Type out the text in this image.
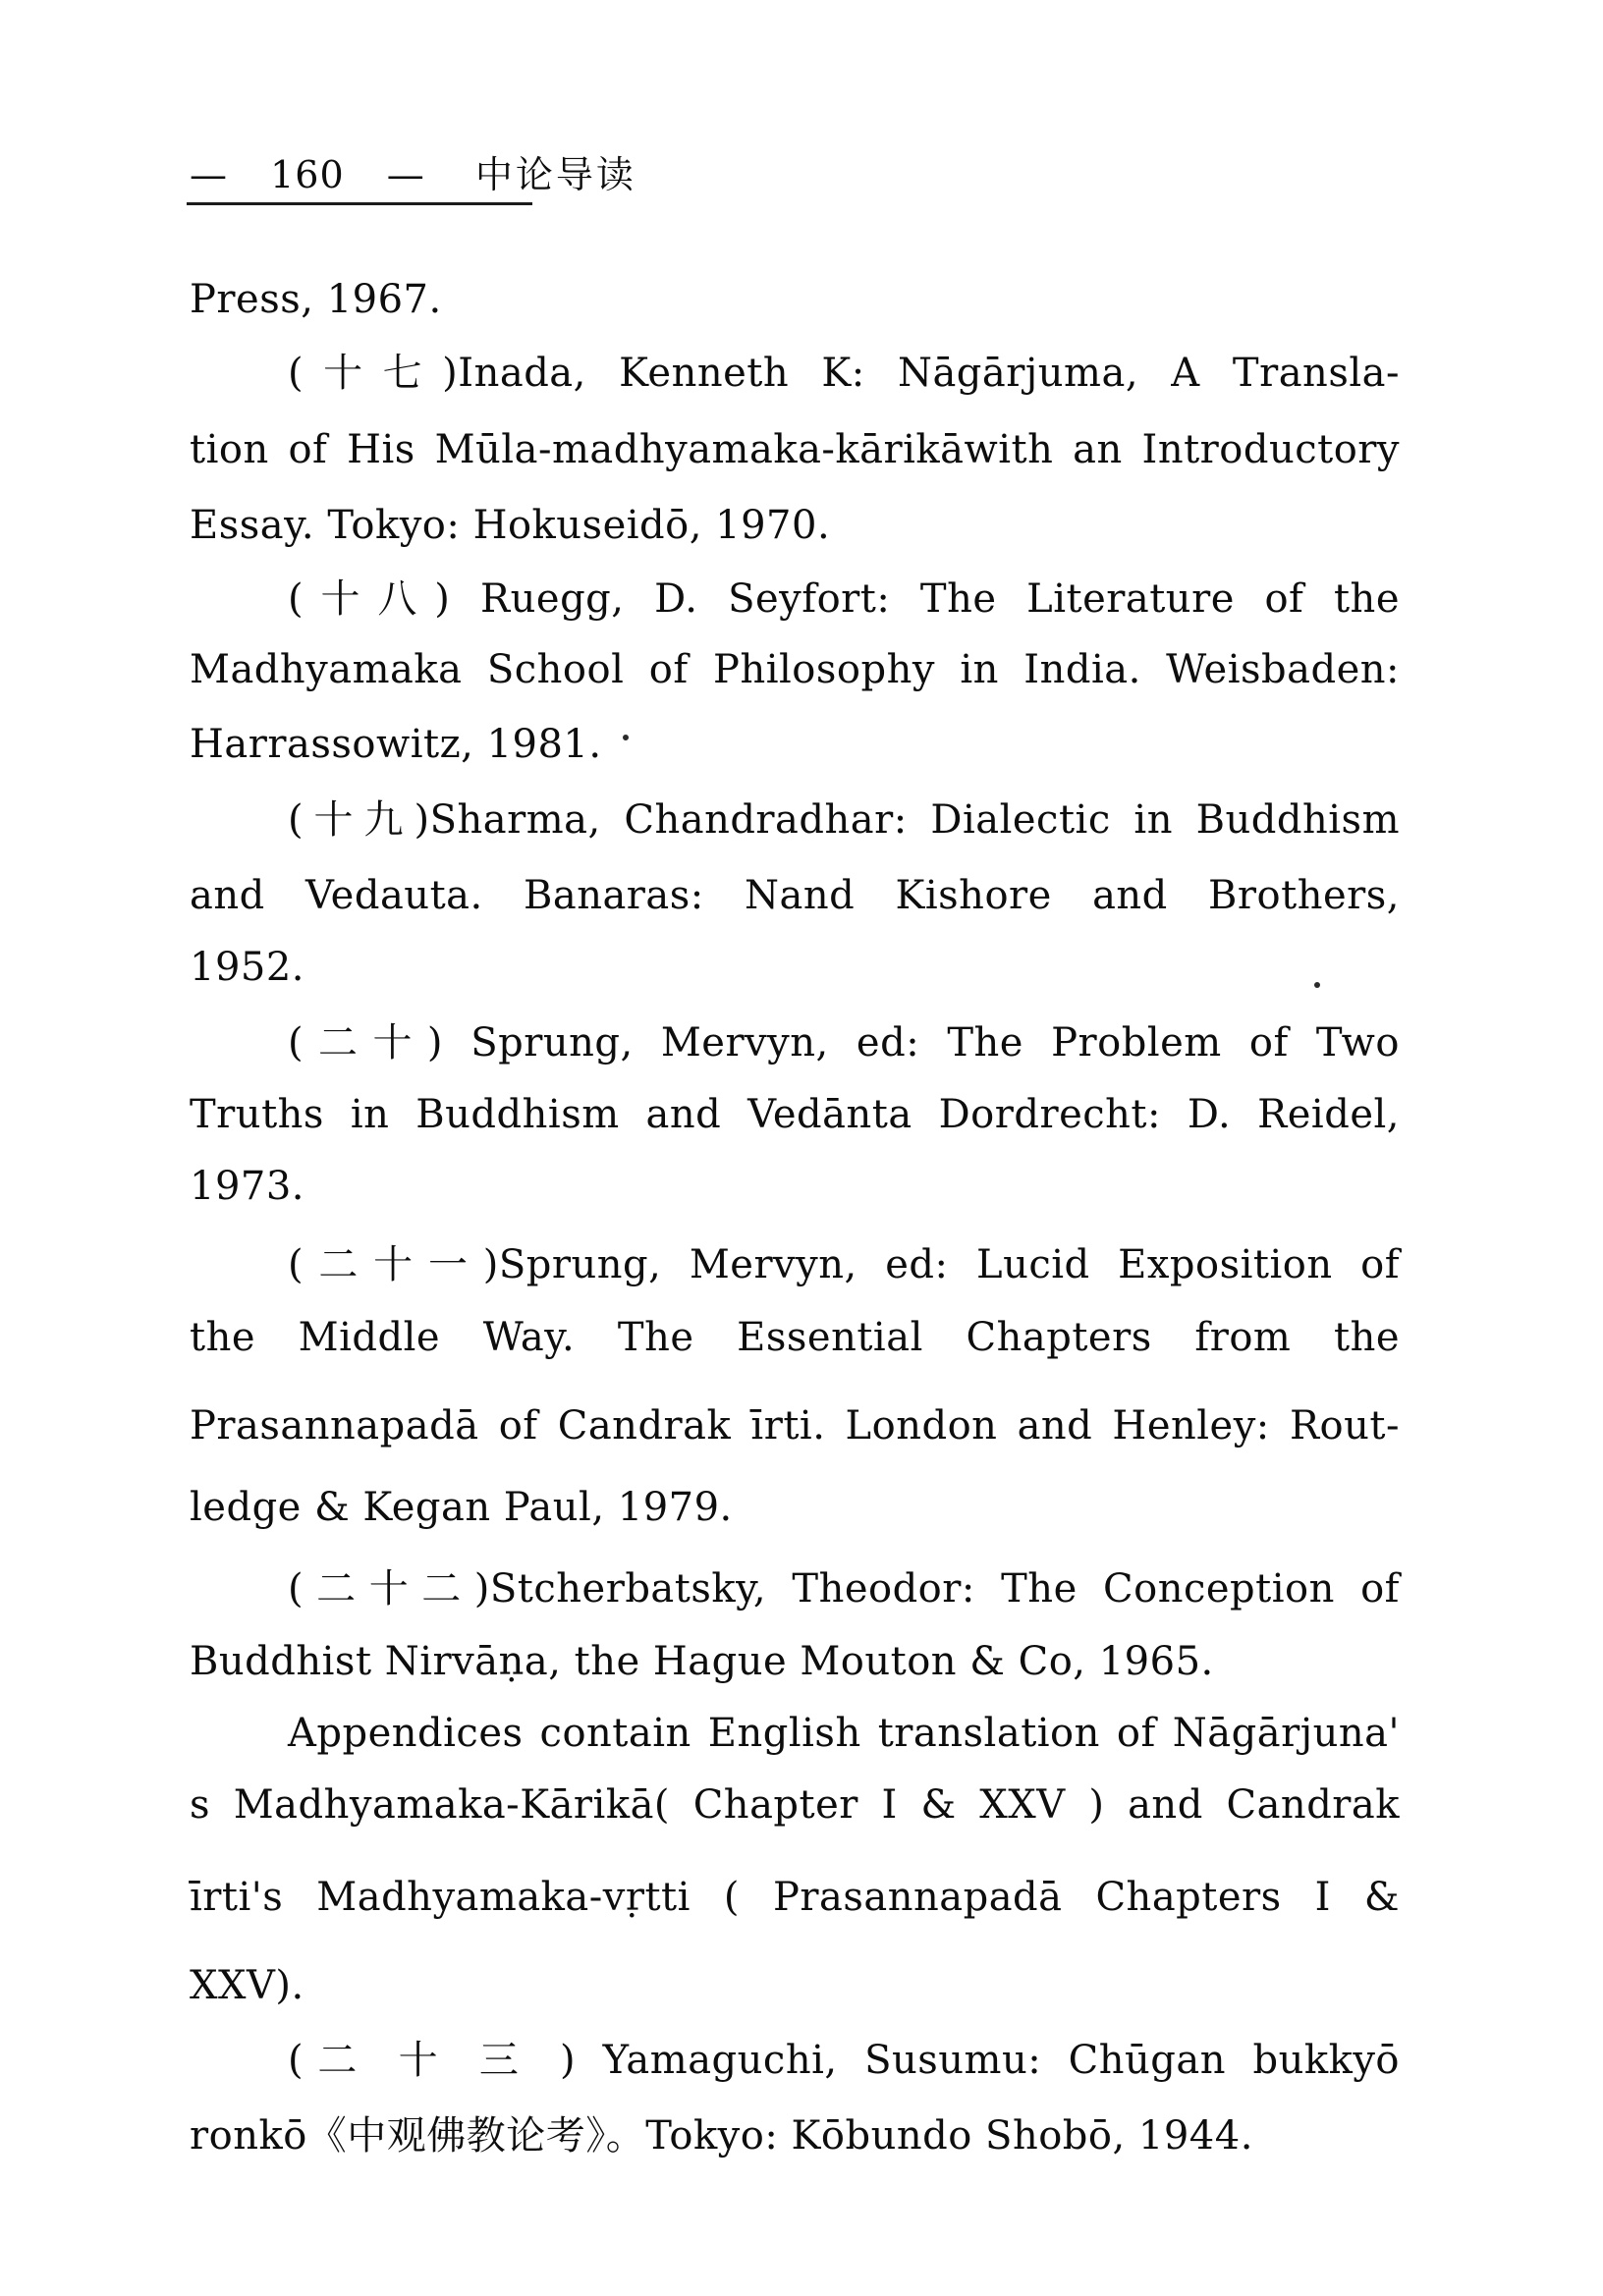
— 160 — 中论导读
Press, 1967.
(十七)Inada, Kenneth K: Nāgārjuma, A Transla-
tion of His Mūla-madhyamaka-kārikāwith an Introductory
Essay. Tokyo: Hokuseidō, 1970.
(十八) Ruegg, D. Seyfort: The Literature of the
Madhyamaka School of Philosophy in India. Weisbaden:
Harrassowitz, 1981.
(十九)Sharma, Chandradhar: Dialectic in Buddhism
and Vedauta. Banaras: Nand Kishore and Brothers,
1952.
(二十) Sprung, Mervyn, ed: The Problem of Two
Truths in Buddhism and Vedānta Dordrecht: D. Reidel,
1973.
(二十一)Sprung, Mervyn, ed: Lucid Exposition of
the Middle Way. The Essential Chapters from the
Prasannapadā of Candrak īrti. London and Henley: Rout-
ledge & Kegan Paul, 1979.
(二十二)Stcherbatsky, Theodor: The Conception of
Buddhist Nirvāṇa, the Hague Mouton & Co, 1965.
Appendices contain English translation of Nāgārjuna'
s Madhyamaka-Kārikā( Chapter I & XXV ) and Candrak
īrti's Madhyamaka-vṛtti ( Prasannapadā Chapters I &
XXV).
(二 十 三 ) Yamaguchi, Susumu: Chūgan bukkyō
ronkō《中观佛教论考》。Tokyo: Kōbundo Shobō, 1944.
